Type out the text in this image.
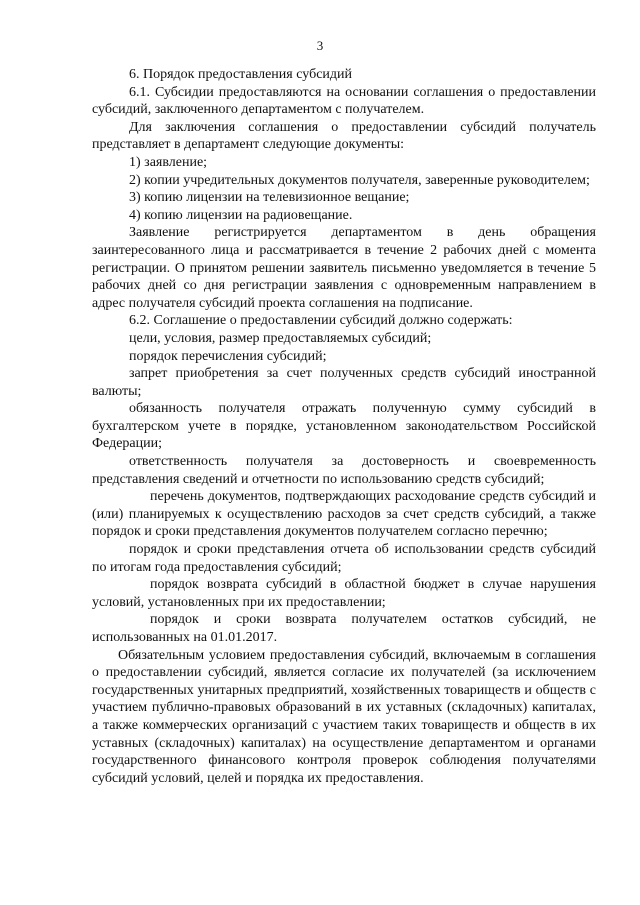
3

6. Порядок предоставления субсидий

6.1. Субсидии предоставляются на основании соглашения о предоставлении субсидий, заключенного департаментом с получателем.

Для заключения соглашения о предоставлении субсидий получатель представляет в департамент следующие документы:

1) заявление;

2) копии учредительных документов получателя, заверенные руководителем;

3) копию лицензии на телевизионное вещание;

4) копию лицензии на радиовещание.

Заявление регистрируется департаментом в день обращения заинтересованного лица и рассматривается в течение 2 рабочих дней с момента регистрации. О принятом решении заявитель письменно уведомляется в течение 5 рабочих дней со дня регистрации заявления с одновременным направлением в адрес получателя субсидий проекта соглашения на подписание.

6.2. Соглашение о предоставлении субсидий должно содержать:

цели, условия, размер предоставляемых субсидий;

порядок перечисления субсидий;

запрет приобретения за счет полученных средств субсидий иностранной валюты;

обязанность получателя отражать полученную сумму субсидий в бухгалтерском учете в порядке, установленном законодательством Российской Федерации;

ответственность получателя за достоверность и своевременность представления сведений и отчетности по использованию средств субсидий;

перечень документов, подтверждающих расходование средств субсидий и (или) планируемых к осуществлению расходов за счет средств субсидий, а также порядок и сроки представления документов получателем согласно перечню;

порядок и сроки представления отчета об использовании средств субсидий по итогам года предоставления субсидий;

порядок возврата субсидий в областной бюджет в случае нарушения условий, установленных при их предоставлении;

порядок и сроки возврата получателем остатков субсидий, не использованных на 01.01.2017.

Обязательным условием предоставления субсидий, включаемым в соглашения о предоставлении субсидий, является согласие их получателей (за исключением государственных унитарных предприятий, хозяйственных товариществ и обществ с участием публично-правовых образований в их уставных (складочных) капиталах, а также коммерческих организаций с участием таких товариществ и обществ в их уставных (складочных) капиталах) на осуществление департаментом и органами государственного финансового контроля проверок соблюдения получателями субсидий условий, целей и порядка их предоставления.
